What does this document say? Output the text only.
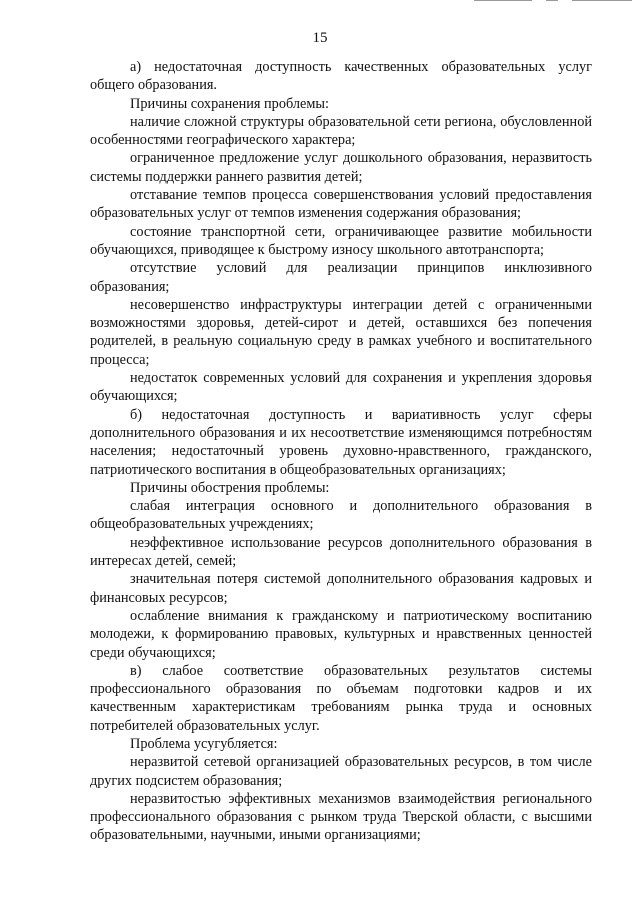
15

а) недостаточная доступность качественных образовательных услуг общего образования.

Причины сохранения проблемы:

наличие сложной структуры образовательной сети региона, обусловленной особенностями географического характера;

ограниченное предложение услуг дошкольного образования, неразвитость системы поддержки раннего развития детей;

отставание темпов процесса совершенствования условий предоставления образовательных услуг от темпов изменения содержания образования;

состояние транспортной сети, ограничивающее развитие мобильности обучающихся, приводящее к быстрому износу школьного автотранспорта;

отсутствие условий для реализации принципов инклюзивного образования;

несовершенство инфраструктуры интеграции детей с ограниченными возможностями здоровья, детей-сирот и детей, оставшихся без попечения родителей, в реальную социальную среду в рамках учебного и воспитательного процесса;

недостаток современных условий для сохранения и укрепления здоровья обучающихся;

б) недостаточная доступность и вариативность услуг сферы дополнительного образования и их несоответствие изменяющимся потребностям населения; недостаточный уровень духовно-нравственного, гражданского, патриотического воспитания в общеобразовательных организациях;

Причины обострения проблемы:

слабая интеграция основного и дополнительного образования в общеобразовательных учреждениях;

неэффективное использование ресурсов дополнительного образования в интересах детей, семей;

значительная потеря системой дополнительного образования кадровых и финансовых ресурсов;

ослабление внимания к гражданскому и патриотическому воспитанию молодежи, к формированию правовых, культурных и нравственных ценностей среди обучающихся;

в) слабое соответствие образовательных результатов системы профессионального образования по объемам подготовки кадров и их качественным характеристикам требованиям рынка труда и основных потребителей образовательных услуг.

Проблема усугубляется:

неразвитой сетевой организацией образовательных ресурсов, в том числе других подсистем образования;

неразвитостью эффективных механизмов взаимодействия регионального профессионального образования с рынком труда Тверской области, с высшими образовательными, научными, иными организациями;
